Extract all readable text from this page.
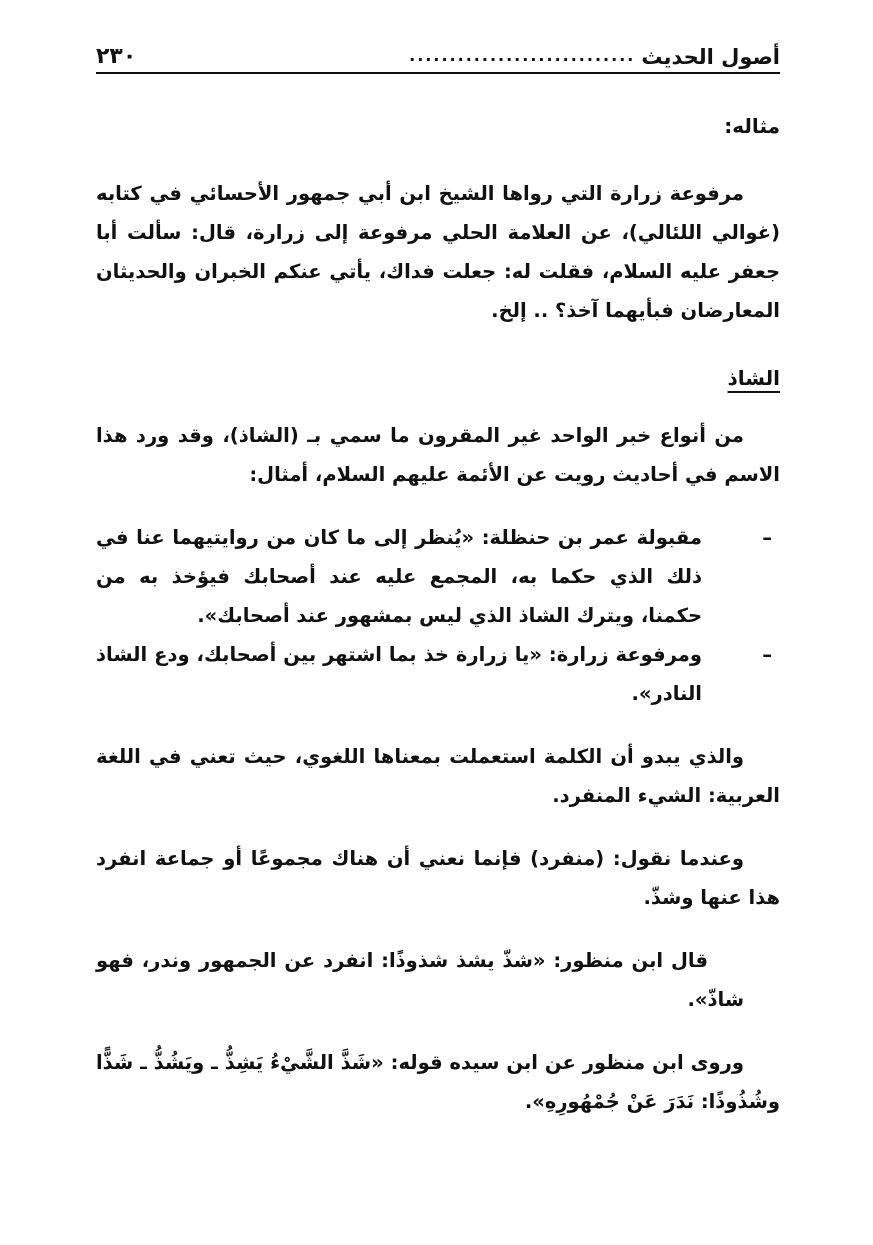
أصول الحديث
............................
٢٣٠
مثاله:

مرفوعة زرارة التي رواها الشيخ ابن أبي جمهور الأحسائي في كتابه (غوالي اللئالي)، عن العلامة الحلي مرفوعة إلى زرارة، قال: سألت أبا جعفر عليه السلام، فقلت له: جعلت فداك، يأتي عنكم الخبران والحديثان المعارضان فبأيهما آخذ؟ .. إلخ.

الشاذ

من أنواع خبر الواحد غير المقرون ما سمي بـ (الشاذ)، وقد ورد هذا الاسم في أحاديث رويت عن الأئمة عليهم السلام، أمثال:

–
مقبولة عمر بن حنظلة: «يُنظر إلى ما كان من روايتيهما عنا في ذلك الذي حكما به، المجمع عليه عند أصحابك فيؤخذ به من حكمنا، ويترك الشاذ الذي ليس بمشهور عند أصحابك».
–
ومرفوعة زرارة: «يا زرارة خذ بما اشتهر بين أصحابك، ودع الشاذ النادر».

والذي يبدو أن الكلمة استعملت بمعناها اللغوي، حيث تعني في اللغة العربية: الشيء المنفرد.

وعندما نقول: (منفرد) فإنما نعني أن هناك مجموعًا أو جماعة انفرد هذا عنها وشذّ.

قال ابن منظور: «شذّ يشذ شذوذًا: انفرد عن الجمهور وندر، فهو شاذّ».

وروى ابن منظور عن ابن سيده قوله: «شَذَّ الشَّيْءُ يَشِذُّ ـ ويَشُذُّ ـ شَذًّا وشُذُوذًا: نَدَرَ عَنْ جُمْهُورِهِ».
